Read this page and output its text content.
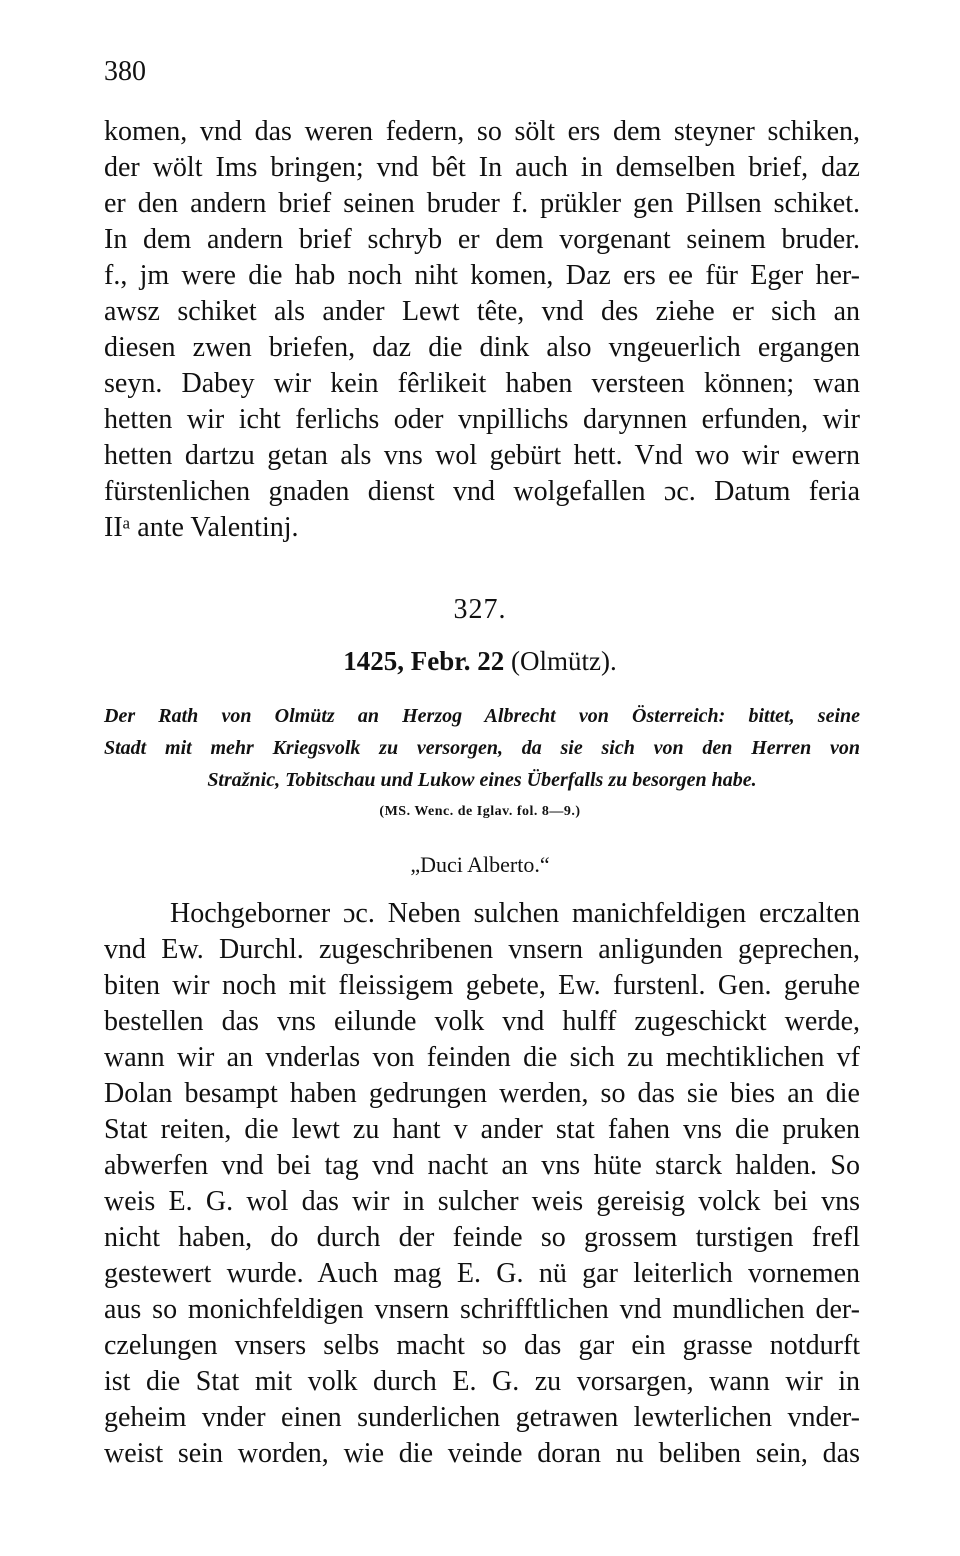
380
komen, vnd das weren federn, so sölt ers dem steyner schiken,
der wölt Ims bringen; vnd bêt In auch in demselben brief, daz
er den andern brief seinen bruder f. prükler gen Pillsen schiket.
In dem andern brief schryb er dem vorgenant seinem bruder.
f., jm were die hab noch niht komen, Daz ers ee für Eger her-
awsz schiket als ander Lewt tête, vnd des ziehe er sich an
diesen zwen briefen, daz die dink also vngeuerlich ergangen
seyn. Dabey wir kein fêrlikeit haben versteen können; wan
hetten wir icht ferlichs oder vnpillichs darynnen erfunden, wir
hetten dartzu getan als vns wol gebürt hett. Vnd wo wir ewern
fürstenlichen gnaden dienst vnd wolgefallen ɔc. Datum feria
IIᵃ ante Valentinj.
327.
1425, Febr. 22 (Olmütz).
Der Rath von Olmütz an Herzog Albrecht von Österreich: bittet, seine
Stadt mit mehr Kriegsvolk zu versorgen, da sie sich von den Herren von
Stražnic, Tobitschau und Lukow eines Überfalls zu besorgen habe.
(MS. Wenc. de Iglav. fol. 8—9.)
„Duci Alberto.“
Hochgeborner ɔc. Neben sulchen manichfeldigen erczalten
vnd Ew. Durchl. zugeschribenen vnsern anligunden geprechen,
biten wir noch mit fleissigem gebete, Ew. furstenl. Gen. geruhe
bestellen das vns eilunde volk vnd hulff zugeschickt werde,
wann wir an vnderlas von feinden die sich zu mechtiklichen vf
Dolan besampt haben gedrungen werden, so das sie bies an die
Stat reiten, die lewt zu hant v ander stat fahen vns die pruken
abwerfen vnd bei tag vnd nacht an vns hüte starck halden. So
weis E. G. wol das wir in sulcher weis gereisig volck bei vns
nicht haben, do durch der feinde so grossem turstigen frefl
gestewert wurde. Auch mag E. G. nü gar leiterlich vornemen
aus so monichfeldigen vnsern schrifftlichen vnd mundlichen der-
czelungen vnsers selbs macht so das gar ein grasse notdurft
ist die Stat mit volk durch E. G. zu vorsargen, wann wir in
geheim vnder einen sunderlichen getrawen lewterlichen vnder-
weist sein worden, wie die veinde doran nu beliben sein, das
